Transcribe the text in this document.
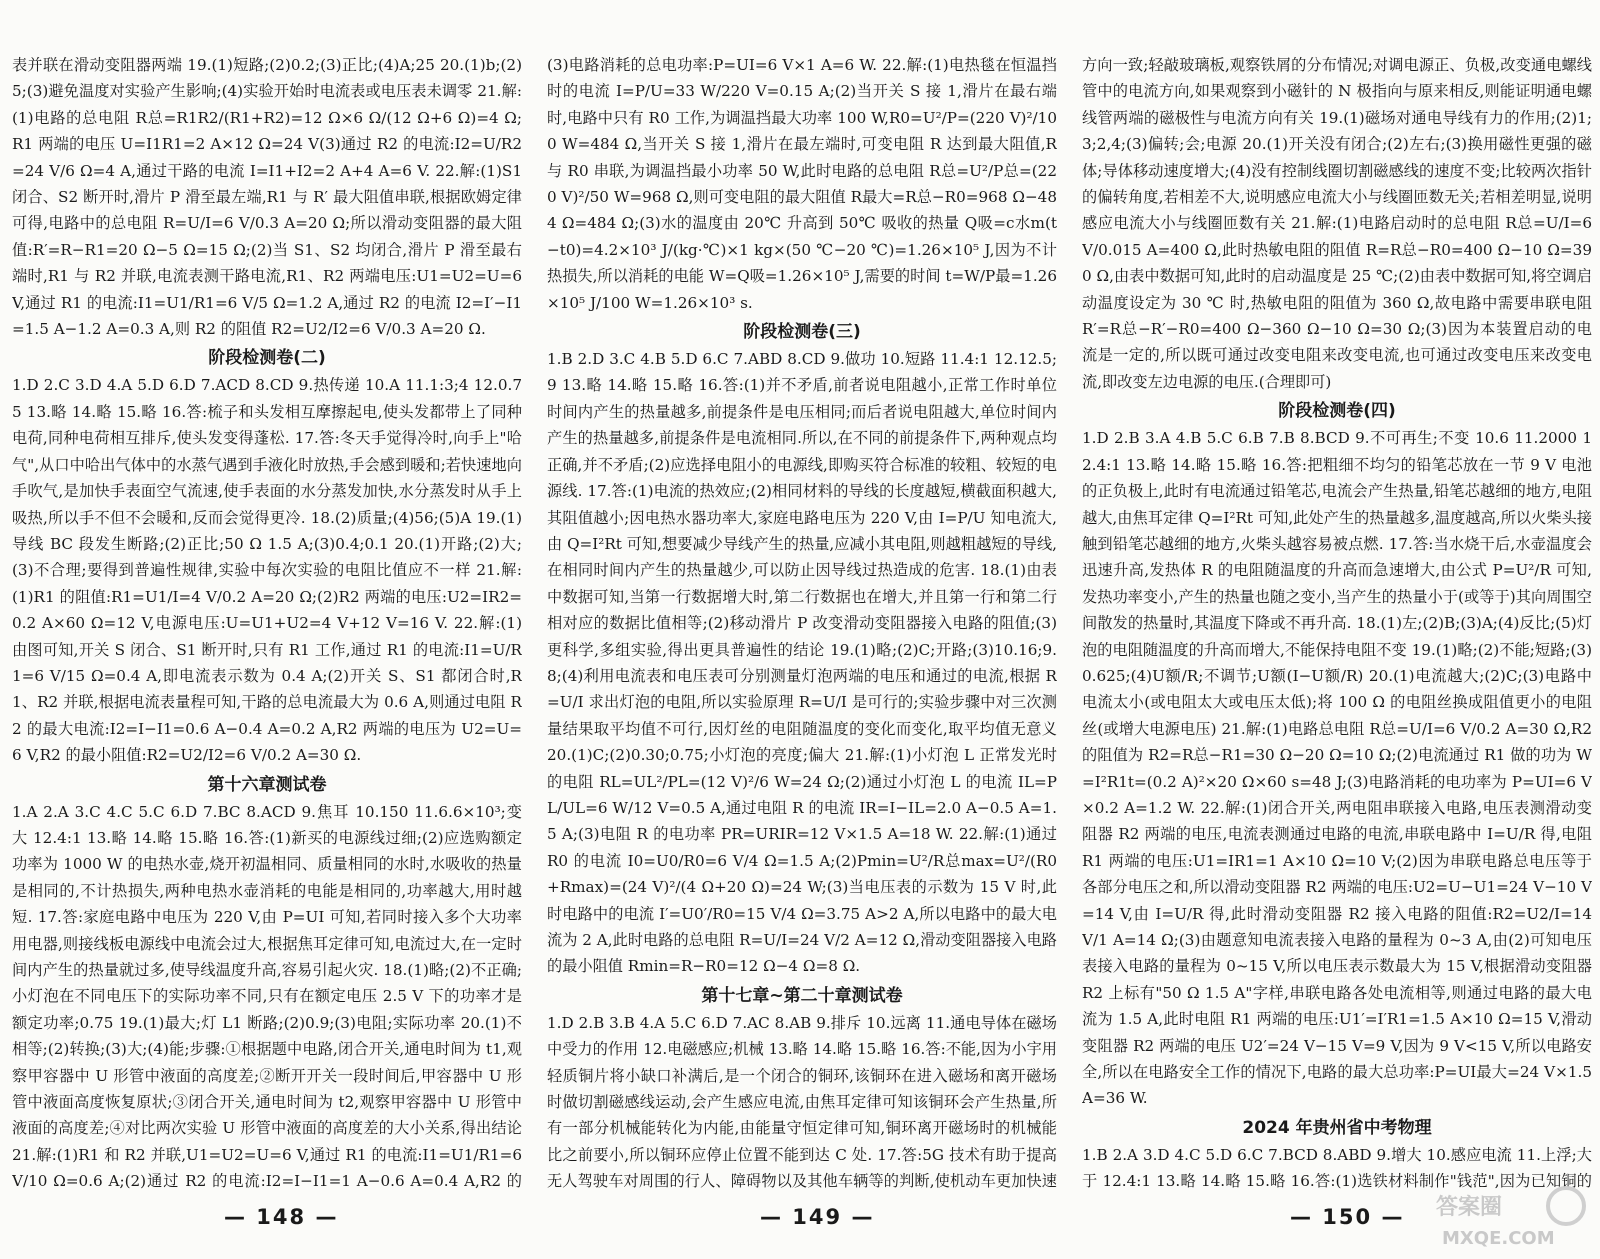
表并联在滑动变阻器两端 19.(1)短路;(2)0.2;(3)正比;(4)A;25 20.(1)b;(2)5;(3)避免温度对实验产生影响;(4)实验开始时电流表或电压表未调零 21.解:(1)电路的总电阻 R总=R1R2/(R1+R2)=12 Ω×6 Ω/(12 Ω+6 Ω)=4 Ω;R1 两端的电压 U=I1R1=2 A×12 Ω=24 V(3)通过 R2 的电流:I2=U/R2=24 V/6 Ω=4 A,通过干路的电流 I=I1+I2=2 A+4 A=6 V. 22.解:(1)S1 闭合、S2 断开时,滑片 P 滑至最左端,R1 与 R′ 最大阻值串联,根据欧姆定律可得,电路中的总电阻 R=U/I=6 V/0.3 A=20 Ω;所以滑动变阻器的最大阻值:R′=R−R1=20 Ω−5 Ω=15 Ω;(2)当 S1、S2 均闭合,滑片 P 滑至最右端时,R1 与 R2 并联,电流表测干路电流,R1、R2 两端电压:U1=U2=U=6 V,通过 R1 的电流:I1=U1/R1=6 V/5 Ω=1.2 A,通过 R2 的电流 I2=I′−I1=1.5 A−1.2 A=0.3 A,则 R2 的阻值 R2=U2/I2=6 V/0.3 A=20 Ω.

阶段检测卷(二)

1.D 2.C 3.D 4.A 5.D 6.D 7.ACD 8.CD 9.热传递 10.A 11.1:3;4 12.0.75 13.略 14.略 15.略 16.答:梳子和头发相互摩擦起电,使头发都带上了同种电荷,同种电荷相互排斥,使头发变得蓬松. 17.答:冬天手觉得冷时,向手上"哈气",从口中哈出气体中的水蒸气遇到手液化时放热,手会感到暖和;若快速地向手吹气,是加快手表面空气流速,使手表面的水分蒸发加快,水分蒸发时从手上吸热,所以手不但不会暖和,反而会觉得更冷. 18.(2)质量;(4)56;(5)A 19.(1)导线 BC 段发生断路;(2)正比;50 Ω 1.5 A;(3)0.4;0.1 20.(1)开路;(2)大;(3)不合理;要得到普遍性规律,实验中每次实验的电阻比值应不一样 21.解:(1)R1 的阻值:R1=U1/I=4 V/0.2 A=20 Ω;(2)R2 两端的电压:U2=IR2=0.2 A×60 Ω=12 V,电源电压:U=U1+U2=4 V+12 V=16 V. 22.解:(1)由图可知,开关 S 闭合、S1 断开时,只有 R1 工作,通过 R1 的电流:I1=U/R1=6 V/15 Ω=0.4 A,即电流表示数为 0.4 A;(2)开关 S、S1 都闭合时,R1、R2 并联,根据电流表量程可知,干路的总电流最大为 0.6 A,则通过电阻 R2 的最大电流:I2=I−I1=0.6 A−0.4 A=0.2 A,R2 两端的电压为 U2=U=6 V,R2 的最小阻值:R2=U2/I2=6 V/0.2 A=30 Ω.

第十六章测试卷

1.A 2.A 3.C 4.C 5.C 6.D 7.BC 8.ACD 9.焦耳 10.150 11.6.6×10³;变大 12.4:1 13.略 14.略 15.略 16.答:(1)新买的电源线过细;(2)应选购额定功率为 1000 W 的电热水壶,烧开初温相同、质量相同的水时,水吸收的热量是相同的,不计热损失,两种电热水壶消耗的电能是相同的,功率越大,用时越短. 17.答:家庭电路中电压为 220 V,由 P=UI 可知,若同时接入多个大功率用电器,则接线板电源线中电流会过大,根据焦耳定律可知,电流过大,在一定时间内产生的热量就过多,使导线温度升高,容易引起火灾. 18.(1)略;(2)不正确;小灯泡在不同电压下的实际功率不同,只有在额定电压 2.5 V 下的功率才是额定功率;0.75 19.(1)最大;灯 L1 断路;(2)0.9;(3)电阻;实际功率 20.(1)不相等;(2)转换;(3)大;(4)能;步骤:①根据题中电路,闭合开关,通电时间为 t1,观察甲容器中 U 形管中液面的高度差;②断开开关一段时间后,甲容器中 U 形管中液面高度恢复原状;③闭合开关,通电时间为 t2,观察甲容器中 U 形管中液面的高度差;④对比两次实验 U 形管中液面的高度差的大小关系,得出结论 21.解:(1)R1 和 R2 并联,U1=U2=U=6 V,通过 R1 的电流:I1=U1/R1=6 V/10 Ω=0.6 A;(2)通过 R2 的电流:I2=I−I1=1 A−0.6 A=0.4 A,R2 的

(3)电路消耗的总电功率:P=UI=6 V×1 A=6 W. 22.解:(1)电热毯在恒温挡时的电流 I=P/U=33 W/220 V=0.15 A;(2)当开关 S 接 1,滑片在最右端时,电路中只有 R0 工作,为调温挡最大功率 100 W,R0=U²/P=(220 V)²/100 W=484 Ω,当开关 S 接 1,滑片在最左端时,可变电阻 R 达到最大阻值,R 与 R0 串联,为调温挡最小功率 50 W,此时电路的总电阻 R总=U²/P总=(220 V)²/50 W=968 Ω,则可变电阻的最大阻值 R最大=R总−R0=968 Ω−484 Ω=484 Ω;(3)水的温度由 20℃ 升高到 50℃ 吸收的热量 Q吸=c水m(t−t0)=4.2×10³ J/(kg·℃)×1 kg×(50 ℃−20 ℃)=1.26×10⁵ J,因为不计热损失,所以消耗的电能 W=Q吸=1.26×10⁵ J,需要的时间 t=W/P最=1.26×10⁵ J/100 W=1.26×10³ s.

阶段检测卷(三)

1.B 2.D 3.C 4.B 5.D 6.C 7.ABD 8.CD 9.做功 10.短路 11.4:1 12.12.5;9 13.略 14.略 15.略 16.答:(1)并不矛盾,前者说电阻越小,正常工作时单位时间内产生的热量越多,前提条件是电压相同;而后者说电阻越大,单位时间内产生的热量越多,前提条件是电流相同.所以,在不同的前提条件下,两种观点均正确,并不矛盾;(2)应选择电阻小的电源线,即购买符合标准的较粗、较短的电源线. 17.答:(1)电流的热效应;(2)相同材料的导线的长度越短,横截面积越大,其阻值越小;因电热水器功率大,家庭电路电压为 220 V,由 I=P/U 知电流大,由 Q=I²Rt 可知,想要减少导线产生的热量,应减小其电阻,则越粗越短的导线,在相同时间内产生的热量越少,可以防止因导线过热造成的危害. 18.(1)由表中数据可知,当第一行数据增大时,第二行数据也在增大,并且第一行和第二行相对应的数据比值相等;(2)移动滑片 P 改变滑动变阻器接入电路的阻值;(3)更科学,多组实验,得出更具普遍性的结论 19.(1)略;(2)C;开路;(3)10.16;9.8;(4)利用电流表和电压表可分别测量灯泡两端的电压和通过的电流,根据 R=U/I 求出灯泡的电阻,所以实验原理 R=U/I 是可行的;实验步骤中对三次测量结果取平均值不可行,因灯丝的电阻随温度的变化而变化,取平均值无意义 20.(1)C;(2)0.30;0.75;小灯泡的亮度;偏大 21.解:(1)小灯泡 L 正常发光时的电阻 RL=UL²/PL=(12 V)²/6 W=24 Ω;(2)通过小灯泡 L 的电流 IL=PL/UL=6 W/12 V=0.5 A,通过电阻 R 的电流 IR=I−IL=2.0 A−0.5 A=1.5 A;(3)电阻 R 的电功率 PR=URIR=12 V×1.5 A=18 W. 22.解:(1)通过 R0 的电流 I0=U0/R0=6 V/4 Ω=1.5 A;(2)Pmin=U²/R总max=U²/(R0+Rmax)=(24 V)²/(4 Ω+20 Ω)=24 W;(3)当电压表的示数为 15 V 时,此时电路中的电流 I′=U0′/R0=15 V/4 Ω=3.75 A>2 A,所以电路中的最大电流为 2 A,此时电路的总电阻 R=U/I=24 V/2 A=12 Ω,滑动变阻器接入电路的最小阻值 Rmin=R−R0=12 Ω−4 Ω=8 Ω.

第十七章~第二十章测试卷

1.D 2.B 3.B 4.A 5.C 6.D 7.AC 8.AB 9.排斥 10.远离 11.通电导体在磁场中受力的作用 12.电磁感应;机械 13.略 14.略 15.略 16.答:不能,因为小宇用轻质铜片将小缺口补满后,是一个闭合的铜环,该铜环在进入磁场和离开磁场时做切割磁感线运动,会产生感应电流,由焦耳定律可知该铜环会产生热量,所有一部分机械能转化为内能,由能量守恒定律可知,铜环离开磁场时的机械能比之前要小,所以铜环应停止位置不能到达 C 处. 17.答:5G 技术有助于提高无人驾驶车对周围的行人、障碍物以及其他车辆等的判断,使机动车更加快速

方向一致;轻敲玻璃板,观察铁屑的分布情况;对调电源正、负极,改变通电螺线管中的电流方向,如果观察到小磁针的 N 极指向与原来相反,则能证明通电螺线管两端的磁极性与电流方向有关 19.(1)磁场对通电导线有力的作用;(2)1;3;2,4;(3)偏转;会;电源 20.(1)开关没有闭合;(2)左右;(3)换用磁性更强的磁体;导体移动速度增大;(4)没有控制线圈切割磁感线的速度不变;比较两次指针的偏转角度,若相差不大,说明感应电流大小与线圈匝数无关;若相差明显,说明感应电流大小与线圈匝数有关 21.解:(1)电路启动时的总电阻 R总=U/I=6 V/0.015 A=400 Ω,此时热敏电阻的阻值 R=R总−R0=400 Ω−10 Ω=390 Ω,由表中数据可知,此时的启动温度是 25 ℃;(2)由表中数据可知,将空调启动温度设定为 30 ℃ 时,热敏电阻的阻值为 360 Ω,故电路中需要串联电阻 R′=R总−R′−R0=400 Ω−360 Ω−10 Ω=30 Ω;(3)因为本装置启动的电流是一定的,所以既可通过改变电阻来改变电流,也可通过改变电压来改变电流,即改变左边电源的电压.(合理即可)

阶段检测卷(四)

1.D 2.B 3.A 4.B 5.C 6.B 7.B 8.BCD 9.不可再生;不变 10.6 11.2000 12.4:1 13.略 14.略 15.略 16.答:把粗细不均匀的铅笔芯放在一节 9 V 电池的正负极上,此时有电流通过铅笔芯,电流会产生热量,铅笔芯越细的地方,电阻越大,由焦耳定律 Q=I²Rt 可知,此处产生的热量越多,温度越高,所以火柴头接触到铅笔芯越细的地方,火柴头越容易被点燃. 17.答:当水烧干后,水壶温度会迅速升高,发热体 R 的电阻随温度的升高而急速增大,由公式 P=U²/R 可知,发热功率变小,产生的热量也随之变小,当产生的热量小于(或等于)其向周围空间散发的热量时,其温度下降或不再升高. 18.(1)左;(2)B;(3)A;(4)反比;(5)灯泡的电阻随温度的升高而增大,不能保持电阻不变 19.(1)略;(2)不能;短路;(3)0.625;(4)U额/R;不调节;U额(I−U额/R) 20.(1)电流越大;(2)C;(3)电路中电流太小(或电阻太大或电压太低);将 100 Ω 的电阻丝换成阻值更小的电阻丝(或增大电源电压) 21.解:(1)电路总电阻 R总=U/I=6 V/0.2 A=30 Ω,R2 的阻值为 R2=R总−R1=30 Ω−20 Ω=10 Ω;(2)电流通过 R1 做的功为 W=I²R1t=(0.2 A)²×20 Ω×60 s=48 J;(3)电路消耗的电功率为 P=UI=6 V×0.2 A=1.2 W. 22.解:(1)闭合开关,两电阻串联接入电路,电压表测滑动变阻器 R2 两端的电压,电流表测通过电路的电流,串联电路中 I=U/R 得,电阻 R1 两端的电压:U1=IR1=1 A×10 Ω=10 V;(2)因为串联电路总电压等于各部分电压之和,所以滑动变阻器 R2 两端的电压:U2=U−U1=24 V−10 V=14 V,由 I=U/R 得,此时滑动变阻器 R2 接入电路的阻值:R2=U2/I=14 V/1 A=14 Ω;(3)由题意知电流表接入电路的量程为 0~3 A,由(2)可知电压表接入电路的量程为 0~15 V,所以电压表示数最大为 15 V,根据滑动变阻器 R2 上标有"50 Ω 1.5 A"字样,串联电路各处电流相等,则通过电路的最大电流为 1.5 A,此时电阻 R1 两端的电压:U1′=I′R1=1.5 A×10 Ω=15 V,滑动变阻器 R2 两端的电压 U2′=24 V−15 V=9 V,因为 9 V<15 V,所以电路安全,所以在电路安全工作的情况下,电路的最大总功率:P=UI最大=24 V×1.5 A=36 W.

2024 年贵州省中考物理

1.B 2.A 3.D 4.C 5.D 6.C 7.BCD 8.ABD 9.增大 10.感应电流 11.上浮;大于 12.4:1 13.略 14.略 15.略 16.答:(1)选铁材料制作"钱范",因为已知铜的

— 148 —	— 149 —	— 150 — 答案圈
MXQE.COM
